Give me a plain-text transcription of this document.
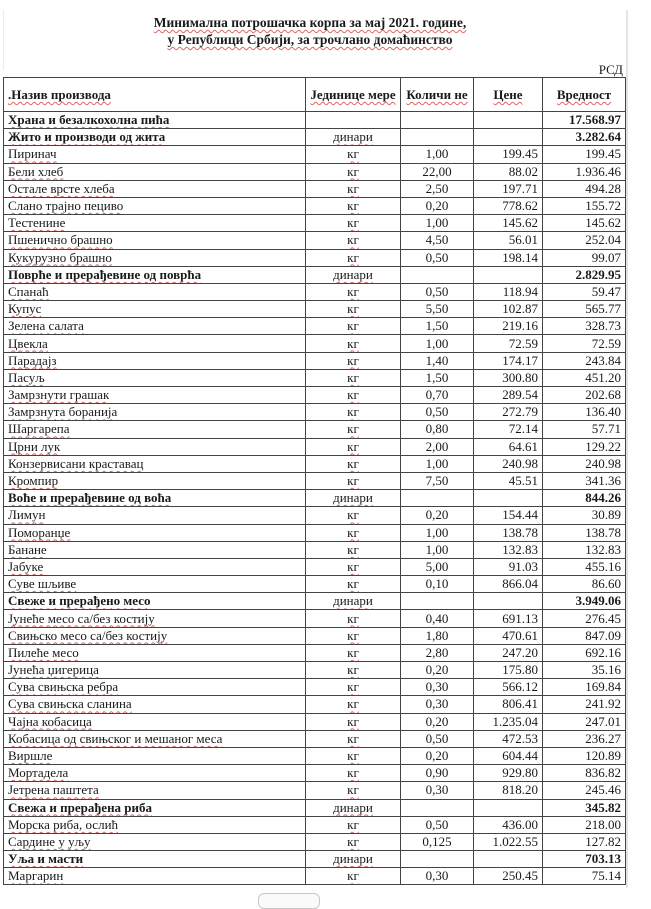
Минимална потрошачка корпа за мај 2021. године,
у Републици Србији, за трочлано домаћинство
РСД
.Назив производа	Јединице мере	Количи не	Цене	Вредност
Храна и безалкохолна пића				17.568.97
Жито и производи од жита	динари			3.282.64
Пиринач	кг	1,00	199.45	199.45
Бели хлеб	кг	22,00	88.02	1.936.46
Остале врсте хлеба	кг	2,50	197.71	494.28
Слано трајно пециво	кг	0,20	778.62	155.72
Тестенине	кг	1,00	145.62	145.62
Пшенично брашно	кг	4,50	56.01	252.04
Кукурузно брашно	кг	0,50	198.14	99.07
Поврће и прерађевине од поврћа	динари			2.829.95
Спанаћ	кг	0,50	118.94	59.47
Купус	кг	5,50	102.87	565.77
Зелена салата	кг	1,50	219.16	328.73
Цвекла	кг	1,00	72.59	72.59
Парадајз	кг	1,40	174.17	243.84
Пасуљ	кг	1,50	300.80	451.20
Замрзнути грашак	кг	0,70	289.54	202.68
Замрзнута боранија	кг	0,50	272.79	136.40
Шаргарепа	кг	0,80	72.14	57.71
Црни лук	кг	2,00	64.61	129.22
Конзервисани краставац	кг	1,00	240.98	240.98
Кромпир	кг	7,50	45.51	341.36
Воће и прерађевине од воћа	динари			844.26
Лимун	кг	0,20	154.44	30.89
Поморанџе	кг	1,00	138.78	138.78
Банане	кг	1,00	132.83	132.83
Јабуке	кг	5,00	91.03	455.16
Суве шљиве	кг	0,10	866.04	86.60
Свеже и прерађено месо	динари			3.949.06
Јунеће месо са/без костију	кг	0,40	691.13	276.45
Свињско месо са/без костију	кг	1,80	470.61	847.09
Пилеће месо	кг	2,80	247.20	692.16
Јунећа џигерица	кг	0,20	175.80	35.16
Сува свињска ребра	кг	0,30	566.12	169.84
Сува свињска сланина	кг	0,30	806.41	241.92
Чајна кобасица	кг	0,20	1.235.04	247.01
Кобасица од свињског и мешаног меса	кг	0,50	472.53	236.27
Виршле	кг	0,20	604.44	120.89
Мортадела	кг	0,90	929.80	836.82
Јетрена паштета	кг	0,30	818.20	245.46
Свежа и прерађена риба	динари			345.82
Морска риба, ослић	кг	0,50	436.00	218.00
Сардине у уљу	кг	0,125	1.022.55	127.82
Уља и масти	динари			703.13
Маргарин	кг	0,30	250.45	75.14
